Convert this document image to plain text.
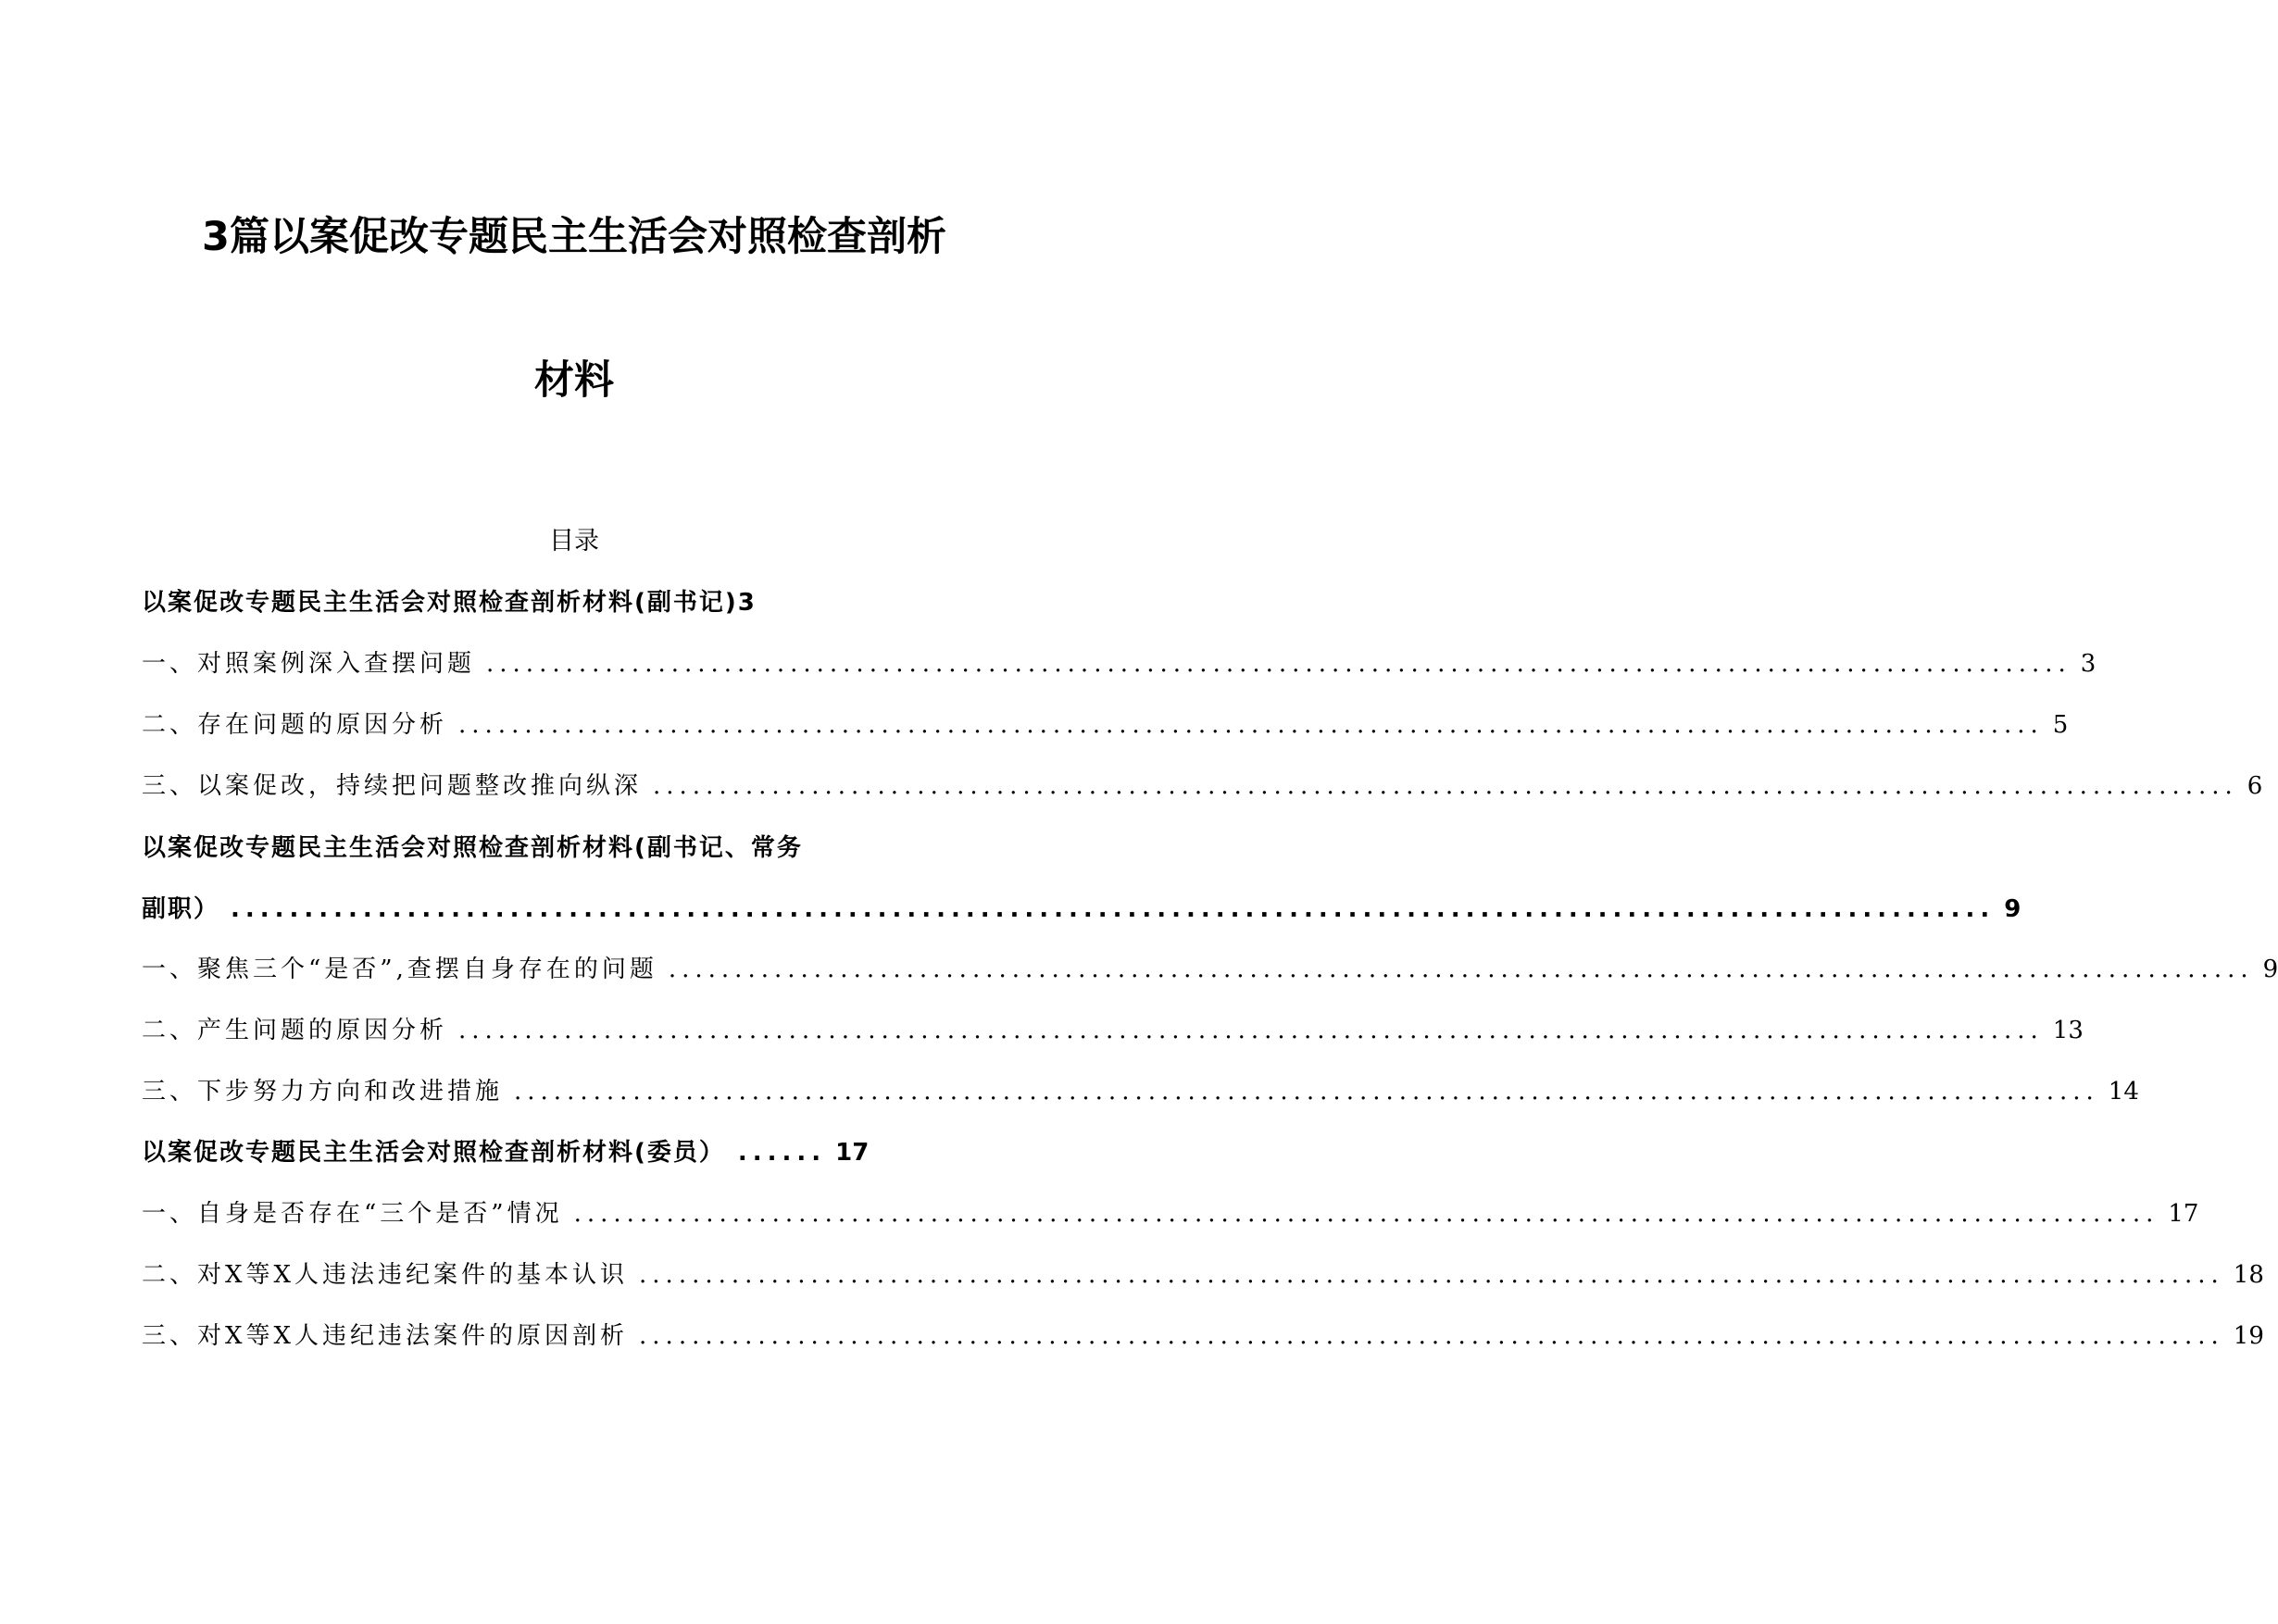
3篇以案促改专题民主生活会对照检查剖析
材料
目录
以案促改专题民主生活会对照检查剖析材料(副书记)3
一、对照案例深入查摆问题 ........................................................................................................................ 3
二、存在问题的原因分析 ........................................................................................................................ 5
三、以案促改，持续把问题整改推向纵深 ........................................................................................................................ 6
以案促改专题民主生活会对照检查剖析材料(副书记、常务
副职） ........................................................................................................................ 9
一、聚焦三个“是否”,查摆自身存在的问题 ........................................................................................................................ 9
二、产生问题的原因分析 ........................................................................................................................ 13
三、下步努力方向和改进措施 ........................................................................................................................ 14
以案促改专题民主生活会对照检查剖析材料(委员） ...... 17
一、自身是否存在“三个是否”情况 ........................................................................................................................ 17
二、对X等X人违法违纪案件的基本认识 ........................................................................................................................ 18
三、对X等X人违纪违法案件的原因剖析 ........................................................................................................................ 19
